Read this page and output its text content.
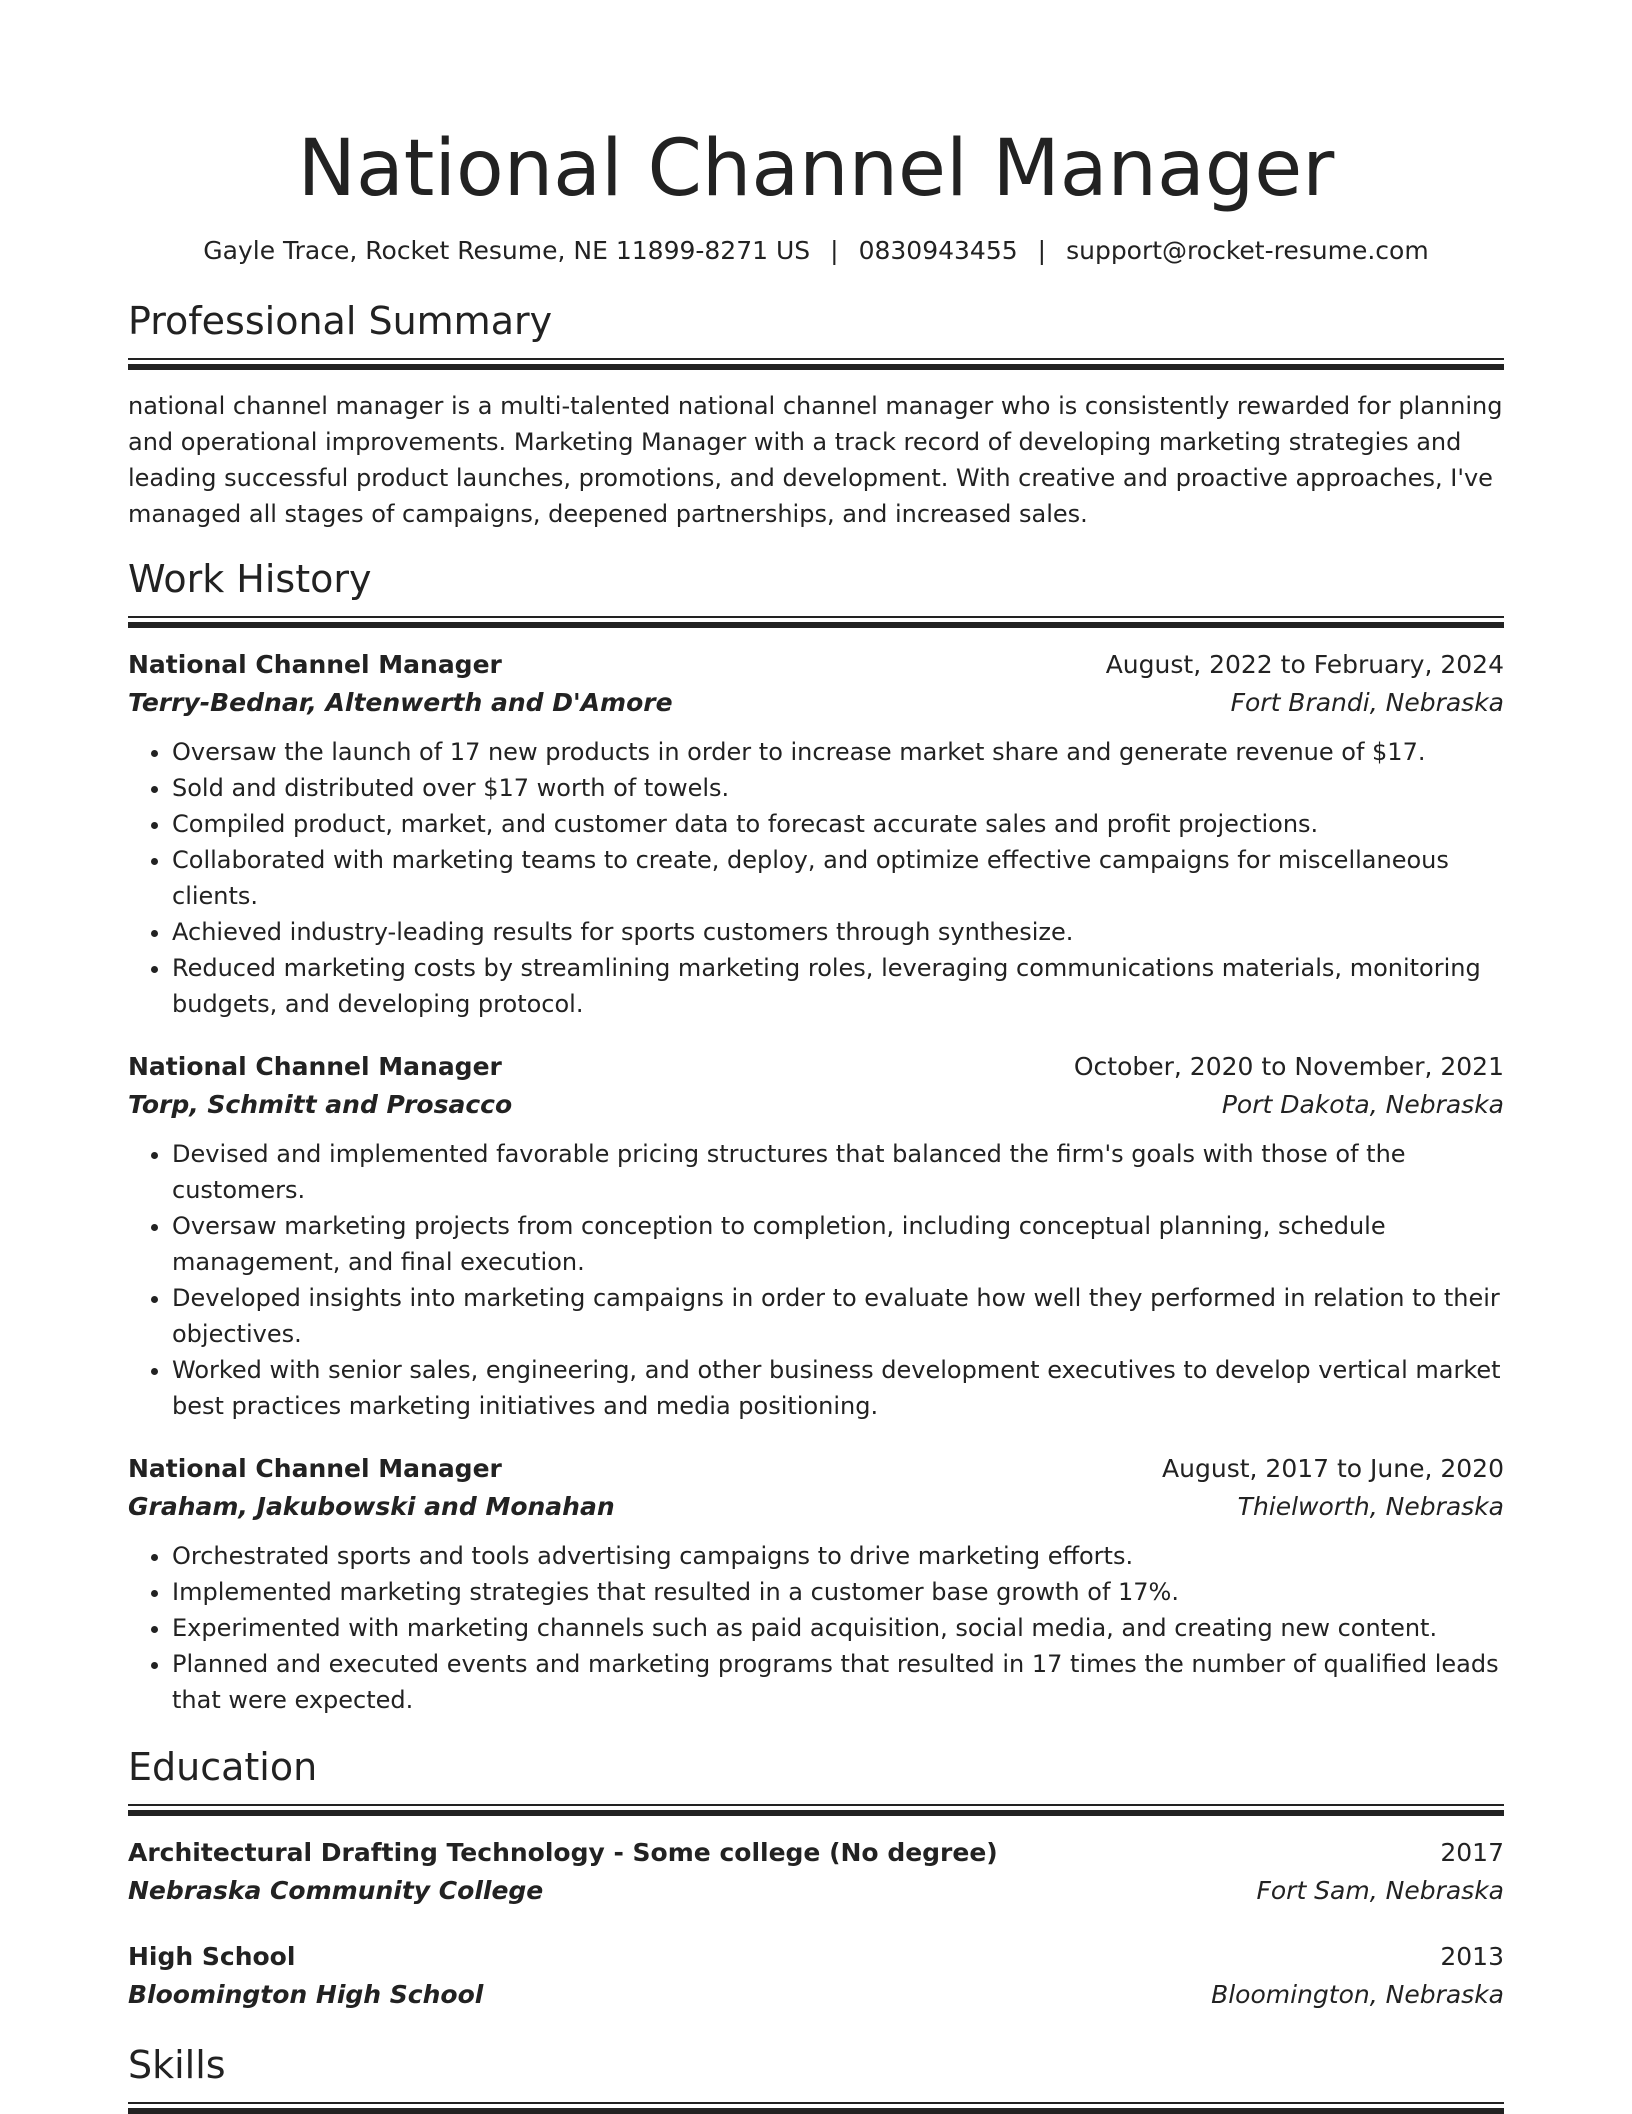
National Channel Manager
Gayle Trace, Rocket Resume, NE 11899-8271 US | 0830943455 | support@rocket-resume.com
Professional Summary

national channel manager is a multi-talented national channel manager who is consistently rewarded for planning and operational improvements. Marketing Manager with a track record of developing marketing strategies and leading successful product launches, promotions, and development. With creative and proactive approaches, I've managed all stages of campaigns, deepened partnerships, and increased sales.

Work History
National Channel Manager	August, 2022 to February, 2024
Terry-Bednar, Altenwerth and D'Amore	Fort Brandi, Nebraska
• Oversaw the launch of 17 new products in order to increase market share and generate revenue of $17.
• Sold and distributed over $17 worth of towels.
• Compiled product, market, and customer data to forecast accurate sales and profit projections.
• Collaborated with marketing teams to create, deploy, and optimize effective campaigns for miscellaneous clients.
• Achieved industry-leading results for sports customers through synthesize.
• Reduced marketing costs by streamlining marketing roles, leveraging communications materials, monitoring budgets, and developing protocol.
National Channel Manager	October, 2020 to November, 2021
Torp, Schmitt and Prosacco	Port Dakota, Nebraska
• Devised and implemented favorable pricing structures that balanced the firm's goals with those of the customers.
• Oversaw marketing projects from conception to completion, including conceptual planning, schedule management, and final execution.
• Developed insights into marketing campaigns in order to evaluate how well they performed in relation to their objectives.
• Worked with senior sales, engineering, and other business development executives to develop vertical market best practices marketing initiatives and media positioning.
National Channel Manager	August, 2017 to June, 2020
Graham, Jakubowski and Monahan	Thielworth, Nebraska
• Orchestrated sports and tools advertising campaigns to drive marketing efforts.
• Implemented marketing strategies that resulted in a customer base growth of 17%.
• Experimented with marketing channels such as paid acquisition, social media, and creating new content.
• Planned and executed events and marketing programs that resulted in 17 times the number of qualified leads that were expected.
Education
Architectural Drafting Technology - Some college (No degree)	2017
Nebraska Community College	Fort Sam, Nebraska
High School	2013
Bloomington High School	Bloomington, Nebraska
Skills
